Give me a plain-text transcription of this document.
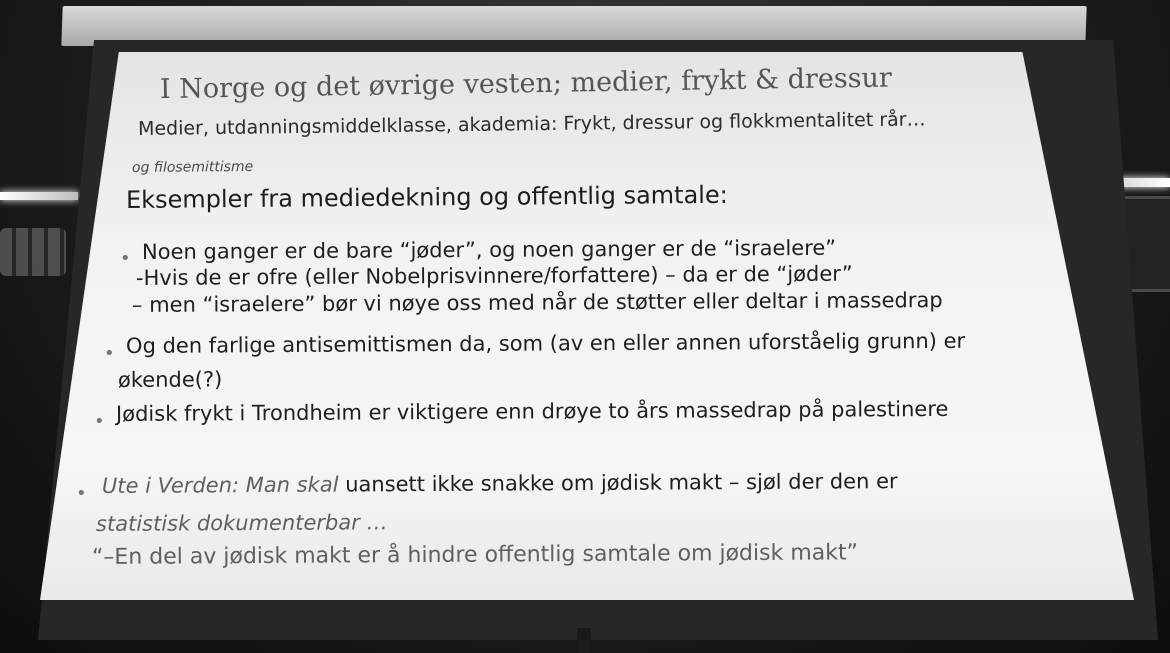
I Norge og det øvrige vesten; medier, frykt & dressur

Medier, utdanningsmiddelklasse, akademia: Frykt, dressur og flokkmentalitet rår…

og filosemittisme

Eksempler fra mediedekning og offentlig samtale:

• Noen ganger er de bare “jøder”, og noen ganger er de “israelere”

-Hvis de er ofre (eller Nobelprisvinnere/forfattere) – da er de “jøder”

– men “israelere” bør vi nøye oss med når de støtter eller deltar i massedrap

• Og den farlige antisemittismen da, som (av en eller annen uforståelig grunn) er

økende(?)

• Jødisk frykt i Trondheim er viktigere enn drøye to års massedrap på palestinere

• Ute i Verden: Man skal uansett ikke snakke om jødisk makt – sjøl der den er

statistisk dokumenterbar …

“–En del av jødisk makt er å hindre offentlig samtale om jødisk makt”
